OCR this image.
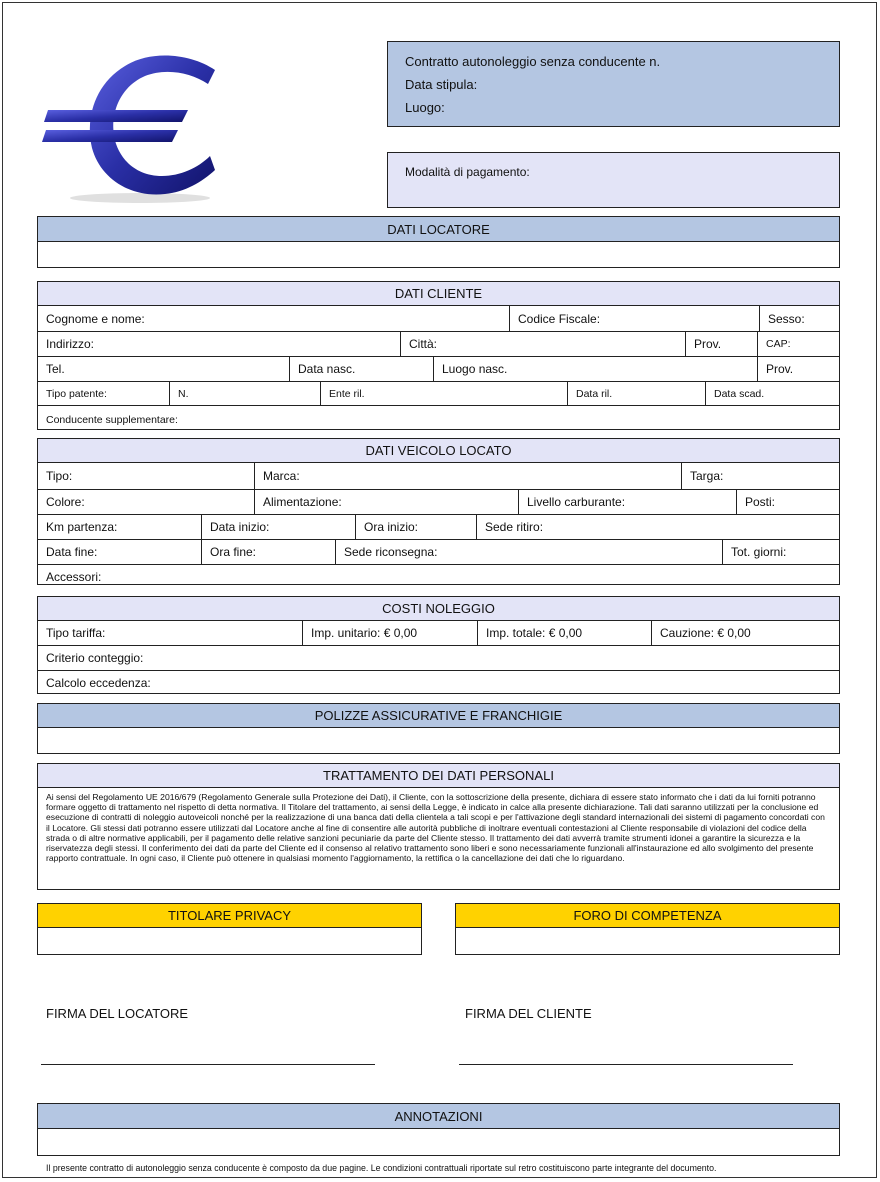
Contratto autonoleggio senza conducente n.
Data stipula:
Luogo:
Modalità di pagamento:
DATI LOCATORE
DATI CLIENTE
Cognome e nome:	Codice Fiscale:	Sesso:
Indirizzo:	Città:	Prov.	CAP:
Tel.	Data nasc.	Luogo nasc.	Prov.
Tipo patente:	N.	Ente ril.	Data ril.	Data scad.
Conducente supplementare:
DATI VEICOLO LOCATO
Tipo:	Marca:	Targa:
Colore:	Alimentazione:	Livello carburante:	Posti:
Km partenza:	Data inizio:	Ora inizio:	Sede ritiro:
Data fine:	Ora fine:	Sede riconsegna:	Tot. giorni:
Accessori:
COSTI NOLEGGIO
Tipo tariffa:	Imp. unitario: € 0,00	Imp. totale: € 0,00	Cauzione: € 0,00
Criterio conteggio:
Calcolo eccedenza:
POLIZZE ASSICURATIVE E FRANCHIGIE
TRATTAMENTO DEI DATI PERSONALI
Ai sensi del Regolamento UE 2016/679 (Regolamento Generale sulla Protezione dei Dati), il Cliente, con la sottoscrizione della presente, dichiara di essere stato informato che i dati da lui forniti potranno formare oggetto di trattamento nel rispetto di detta normativa. Il Titolare del trattamento, ai sensi della Legge, è indicato in calce alla presente dichiarazione. Tali dati saranno utilizzati per la conclusione ed esecuzione di contratti di noleggio autoveicoli nonché per la realizzazione di una banca dati della clientela a tali scopi e per l'attivazione degli standard internazionali dei sistemi di pagamento concordati con il Locatore. Gli stessi dati potranno essere utilizzati dal Locatore anche al fine di consentire alle autorità pubbliche di inoltrare eventuali contestazioni al Cliente responsabile di violazioni del codice della strada o di altre normative applicabili, per il pagamento delle relative sanzioni pecuniarie da parte del Cliente stesso. Il trattamento dei dati avverrà tramite strumenti idonei a garantire la sicurezza e la riservatezza degli stessi. Il conferimento dei dati da parte del Cliente ed il consenso al relativo trattamento sono liberi e sono necessariamente funzionali all'instaurazione ed allo svolgimento del presente rapporto contrattuale. In ogni caso, il Cliente può ottenere in qualsiasi momento l'aggiornamento, la rettifica o la cancellazione dei dati che lo riguardano.
TITOLARE PRIVACY	FORO DI COMPETENZA
FIRMA DEL LOCATORE	FIRMA DEL CLIENTE
ANNOTAZIONI
Il presente contratto di autonoleggio senza conducente è composto da due pagine. Le condizioni contrattuali riportate sul retro costituiscono parte integrante del documento.
